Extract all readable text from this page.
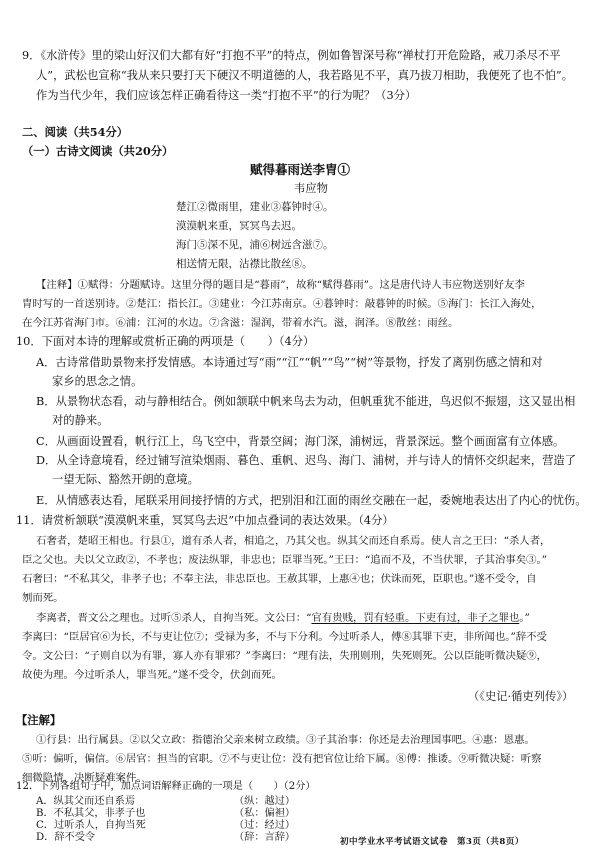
9．《水浒传》里的梁山好汉们大都有好“打抱不平”的特点，例如鲁智深号称“禅杖打开危险路，戒刀杀尽不平
人”，武松也宣称“我从来只要打天下硬汉不明道德的人，我若路见不平，真乃拔刀相助，我便死了也不怕”。
作为当代少年，我们应该怎样正确看待这一类“打抱不平”的行为呢？（3分）
二、阅读（共54分）
（一）古诗文阅读（共20分）
赋得暮雨送李胄①
韦应物
楚江②微雨里，建业③暮钟时④。
漠漠帆来重，冥冥鸟去迟。
海门⑤深不见，浦⑥树远含滋⑦。
相送情无限，沾襟比散丝⑧。
【注释】①赋得：分题赋诗。这里分得的题目是“暮雨”，故称“赋得暮雨”。这是唐代诗人韦应物送别好友李
胄时写的一首送别诗。②楚江：指长江。③建业：今江苏南京。④暮钟时：敲暮钟的时候。⑤海门：长江入海处，
在今江苏省海门市。⑥浦：江河的水边。⑦含滋：湿润，带着水汽。滋，润泽。⑧散丝：雨丝。
10．下面对本诗的理解或赏析正确的两项是（　　）（4分）
A．古诗常借助景物来抒发情感。本诗通过写“雨”“江”“帆”“鸟”“树”等景物，抒发了离别伤感之情和对
家乡的思念之情。
B．从景物状态看，动与静相结合。例如颔联中帆来鸟去为动，但帆重犹不能进，鸟迟似不振翅，这又显出相
对的静来。
C．从画面设置看，帆行江上，鸟飞空中，背景空阔；海门深，浦树远，背景深远。整个画面富有立体感。
D．从全诗意境看，经过铺写渲染烟雨、暮色、重帆、迟鸟、海门、浦树，并与诗人的情怀交织起来，营造了
一望无际、豁然开朗的意境。
E．从情感表达看，尾联采用间接抒情的方式，把别泪和江面的雨丝交融在一起，委婉地表达出了内心的忧伤。
11．请赏析颔联“漠漠帆来重，冥冥鸟去迟”中加点叠词的表达效果。（4分）
石奢者，楚昭王相也。行县①，道有杀人者，相追之，乃其父也。纵其父而还自系焉。使人言之王曰：“杀人者，
臣之父也。夫以父立政②，不孝也；废法纵罪，非忠也；臣罪当死。”王曰：“追而不及，不当伏罪，子其治事矣③。”
石奢曰：“不私其父，非孝子也；不奉主法，非忠臣也。王赦其罪，上惠④也；伏诛而死，臣职也。”遂不受令，自
刎而死。
李离者，晋文公之理也。过听⑤杀人，自拘当死。文公曰：“官有贵贱，罚有轻重。下吏有过，非子之罪也。”
李离曰：“臣居官⑥为长，不与吏让位⑦；受禄为多，不与下分利。今过听杀人，傅⑧其罪下吏，非所闻也。”辞不受
令。文公曰：“子则自以为有罪，寡人亦有罪邪？”李离曰：“理有法，失刑则刑，失死则死。公以臣能听微决疑⑨，
故使为理。今过听杀人，罪当死。”遂不受令，伏剑而死。
（《史记·循吏列传》）
【注解】
①行县：出行属县。②以父立政：指德治父亲来树立政绩。③子其治事：你还是去治理国事吧。④惠：恩惠。
⑤听：偏听，偏信。⑥居官：担当的官职。⑦不与吏让位：没有把官位让给下属。⑧傅：推诿。⑨听微决疑：听察
细微隐情，决断疑难案件。
12．下列各组句子中，加点词语解释正确的一项是（　　）（2分）
A．纵其父而还自系焉	（纵：越过）
B．不私其父，非孝子也	（私：偏袒）
C．过听杀人，自拘当死	（过：经过）
D．辞不受令	（辞：言辞）	初中学业水平考试语文试卷　第3页（共8页）
